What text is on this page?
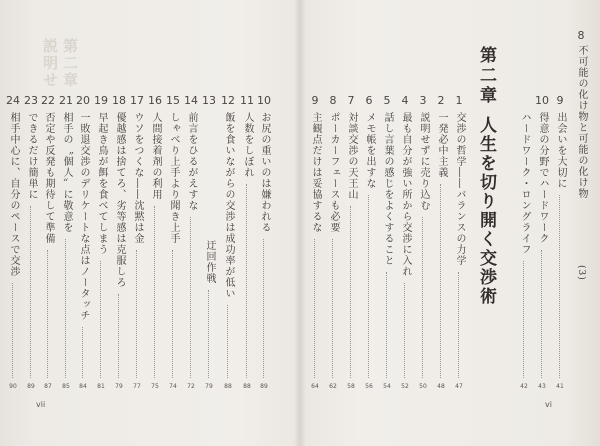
第二章
説明せ
10
お尻の重いのは嫌われる
89
11
人数をしぼれ
88
12
飯を食いながらの交渉は成功率が低い
88
13
迂回作戦
79
14
前言をひるがえすな
72
15
しゃべり上手より聞き上手
74
16
人間接着剤の利用
75
17
ウソをつくな――沈黙は金
77
18
優越感は捨てろ、劣等感は克服しろ
79
19
早起き鳥が餌を食べてしまう
81
20
一敗退交渉のデリケートな点はノータッチ
84
21
相手の〝個人〟に敬意を
85
22
否定や反発も期待して準備
87
23
できるだけ簡単に
89
24
相手中心に、自分のペースで交渉
90
vii
8
不可能の化け物と可能の化け物
(3)
9
出会いを大切に
41
10
得意の分野でハードワーク
43
ハードワーク・ロングライフ
42
1
交渉の哲学――バランスの力学
47
2
一発必中主義
48
3
説明せずに売り込む
50
4
最も自分が強い所から交渉に入れ
52
5
話し言葉の感じをよくすること
54
6
メモ帳を出すな
56
7
対談交渉の天王山
58
8
ポーカーフェースも必要
62
9
主観点だけは妥協するな
64
第二章
人生を切り開く交渉術
vi
